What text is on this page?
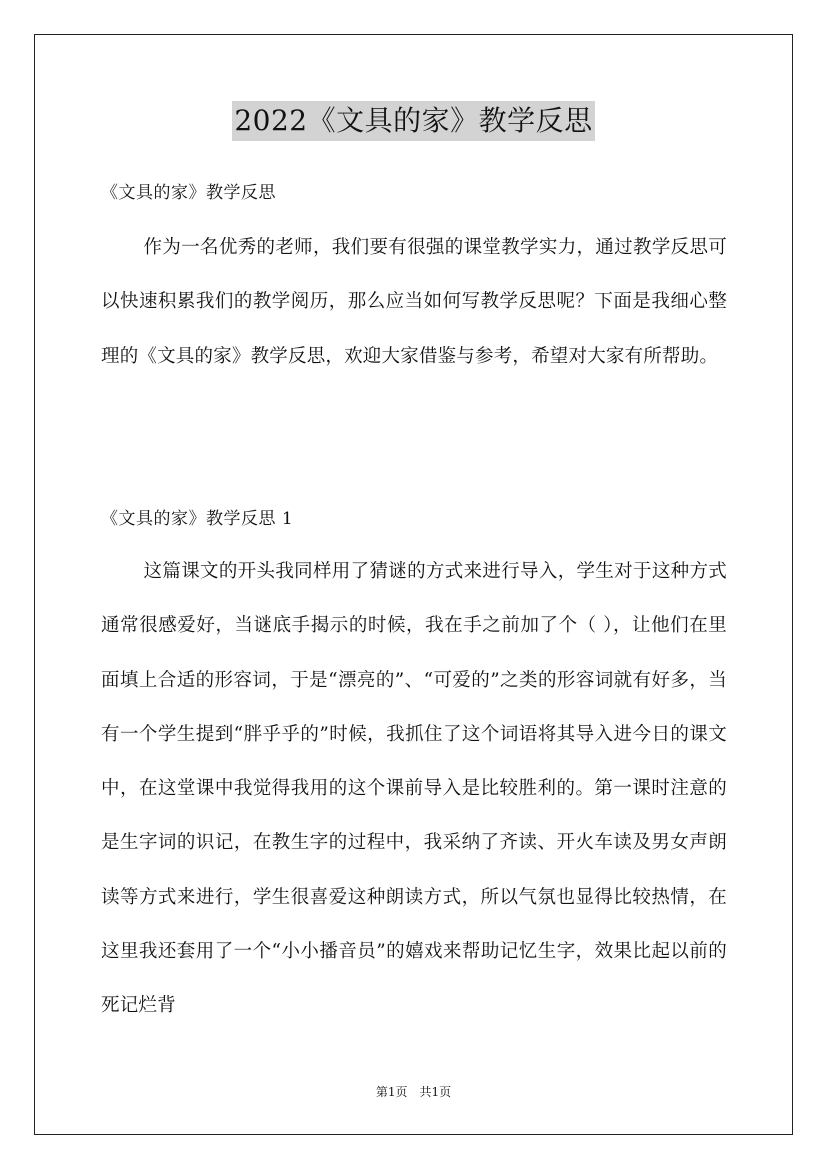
2022《文具的家》教学反思
《文具的家》教学反思

作为一名优秀的老师，我们要有很强的课堂教学实力，通过教学反思可以快速积累我们的教学阅历，那么应当如何写教学反思呢？下面是我细心整理的《文具的家》教学反思，欢迎大家借鉴与参考，希望对大家有所帮助。

《文具的家》教学反思 1

这篇课文的开头我同样用了猜谜的方式来进行导入，学生对于这种方式通常很感爱好，当谜底手揭示的时候，我在手之前加了个（ ），让他们在里面填上合适的形容词，于是“漂亮的”、“可爱的”之类的形容词就有好多，当有一个学生提到“胖乎乎的”时候，我抓住了这个词语将其导入进今日的课文中，在这堂课中我觉得我用的这个课前导入是比较胜利的。第一课时注意的是生字词的识记，在教生字的过程中，我采纳了齐读、开火车读及男女声朗读等方式来进行，学生很喜爱这种朗读方式，所以气氛也显得比较热情，在这里我还套用了一个“小小播音员”的嬉戏来帮助记忆生字，效果比起以前的死记烂背

第1页　共1页
